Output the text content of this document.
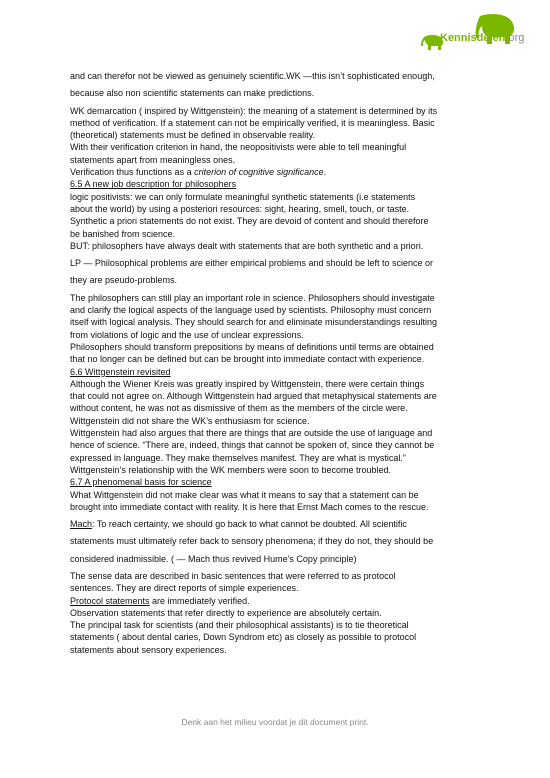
Kennisdelen.org
and can therefor not be viewed as genuinely scientific.WK —this isn’t sophisticated enough,
because also non scientific statements can make predictions.
WK demarcation ( inspired by Wittgenstein): the meaning of a statement is determined by its
method of verification. If a statement can not be empirically verified, it is meaningless. Basic
(theoretical) statements must be defined in observable reality.
With their verification criterion in hand, the neopositivists were able to tell meaningful
statements apart from meaningless ones.
Verification thus functions as a criterion of cognitive significance.
6.5 A new job description for philosophers
logic positivists: we can only formulate meaningful synthetic statements (i.e statements
about the world) by using a posteriori resources: sight, hearing, smell, touch, or taste.
Synthetic a priori statements do not exist. They are devoid of content and should therefore
be banished from science.
BUT: philosophers have always dealt with statements that are both synthetic and a priori.
LP — Philosophical problems are either empirical problems and should be left to science or
they are pseudo-problems.
The philosophers can still play an important role in science. Philosophers should investigate
and clarify the logical aspects of the language used by scientists. Philosophy must concern
itself with logical analysis. They should search for and eliminate misunderstandings resulting
from violations of logic and the use of unclear expressions.
Philosophers should transform prepositions by means of definitions until terms are obtained
that no longer can be defined but can be brought into immediate contact with experience.
6.6 Wittgenstein revisited
Although the Wiener Kreis was greatly inspired by Wittgenstein, there were certain things
that could not agree on. Although Wittgenstein had argued that metaphysical statements are
without content, he was not as dismissive of them as the members of the circle were.
Wittgenstein did not share the WK’s enthusiasm for science.
Wittgenstein had also argues that there are things that are outside the use of language and
hence of science. “There are, indeed, things that cannot be spoken of, since they cannot be
expressed in language. They make themselves manifest. They are what is mystical.”
Wittgenstein’s relationship with the WK members were soon to become troubled.
6.7 A phenomenal basis for science
What Wittgenstein did not make clear was what it means to say that a statement can be
brought into immediate contact with reality. It is here that Ernst Mach comes to the rescue.
Mach: To reach certainty, we should go back to what cannot be doubted. All scientific
statements must ultimately refer back to sensory phenomena; if they do not, they should be
considered inadmissible. ( — Mach thus revived Hume’s Copy principle)
The sense data are described in basic sentences that were referred to as protocol
sentences. They are direct reports of simple experiences.
Protocol statements are immediately verified.
Observation statements that refer directly to experience are absolutely certain.
The principal task for scientists (and their philosophical assistants) is to tie theoretical
statements ( about dental caries, Down Syndrom etc) as closely as possible to protocol
statements about sensory experiences.
Denk aan het milieu voordat je dit document print.
